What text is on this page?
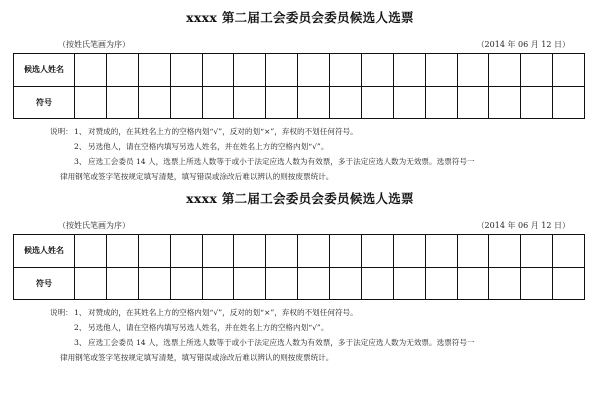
xxxx 第二届工会委员会委员候选人选票
（按姓氏笔画为序）	（2014 年 06 月 12 日）
候选人姓名																
符号																
说明： 1、 对赞成的，在其姓名上方的空格内划“√”，反对的划“×”，弃权的不划任何符号。
2、 另选他人，请在空格内填写另选人姓名，并在姓名上方的空格内划“√”。
3、 应选工会委员 14 人，选票上所选人数等于或小于法定应选人数为有效票，多于法定应选人数为无效票。选票符号一
律用钢笔或签字笔按规定填写清楚，填写错误或涂改后难以辨认的则按废票统计。
xxxx 第二届工会委员会委员候选人选票
（按姓氏笔画为序）	（2014 年 06 月 12 日）
候选人姓名																
符号																
说明： 1、 对赞成的，在其姓名上方的空格内划“√”，反对的划“×”，弃权的不划任何符号。
2、 另选他人，请在空格内填写另选人姓名，并在姓名上方的空格内划“√”。
3、 应选工会委员 14 人，选票上所选人数等于或小于法定应选人数为有效票，多于法定应选人数为无效票。选票符号一
律用钢笔或签字笔按规定填写清楚，填写错误或涂改后难以辨认的则按废票统计。
